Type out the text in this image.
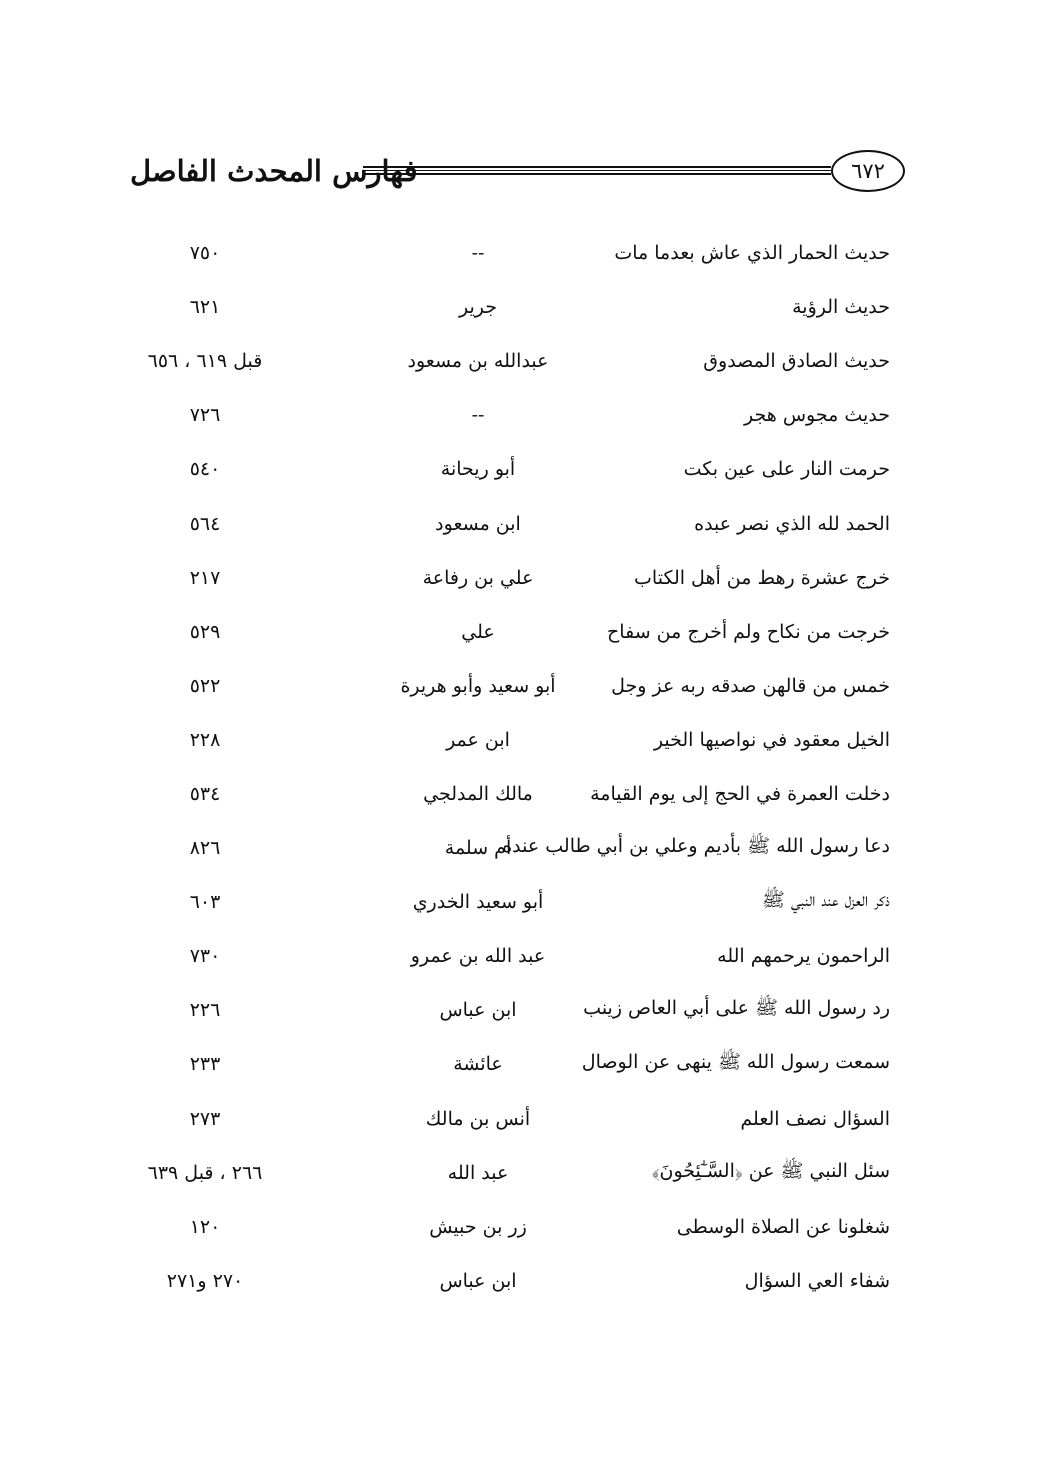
فهارس المحدث الفاصل	٦٧٢
حديث الحمار الذي عاش بعدما مات
--
٧٥٠
حديث الرؤية
جرير
٦٢١
حديث الصادق المصدوق
عبدالله بن مسعود
قبل ٦١٩ ، ٦٥٦
حديث مجوس هجر
--
٧٢٦
حرمت النار على عين بكت
أبو ريحانة
٥٤٠
الحمد لله الذي نصر عبده
ابن مسعود
٥٦٤
خرج عشرة رهط من أهل الكتاب
علي بن رفاعة
٢١٧
خرجت من نكاح ولم أخرج من سفاح
علي
٥٢٩
خمس من قالهن صدقه ربه عز وجل
أبو سعيد وأبو هريرة
٥٢٢
الخيل معقود في نواصيها الخير
ابن عمر
٢٢٨
دخلت العمرة في الحج إلى يوم القيامة
مالك المدلجي
٥٣٤
دعا رسول الله ﷺ بأديم وعلي بن أبي طالب عنده
أم سلمة
٨٢٦
ذكر العزل عند النبي ﷺ
أبو سعيد الخدري
٦٠٣
الراحمون يرحمهم الله
عبد الله بن عمرو
٧٣٠
رد رسول الله ﷺ على أبي العاص زينب
ابن عباس
٢٢٦
سمعت رسول الله ﷺ ينهى عن الوصال
عائشة
٢٣٣
السؤال نصف العلم
أنس بن مالك
٢٧٣
سئل النبي ﷺ عن ﴿السَّـٰٓئِحُونَ﴾
عبد الله
٢٦٦ ، قبل ٦٣٩
شغلونا عن الصلاة الوسطى
زر بن حبيش
١٢٠
شفاء العي السؤال
ابن عباس
٢٧٠ و٢٧١
